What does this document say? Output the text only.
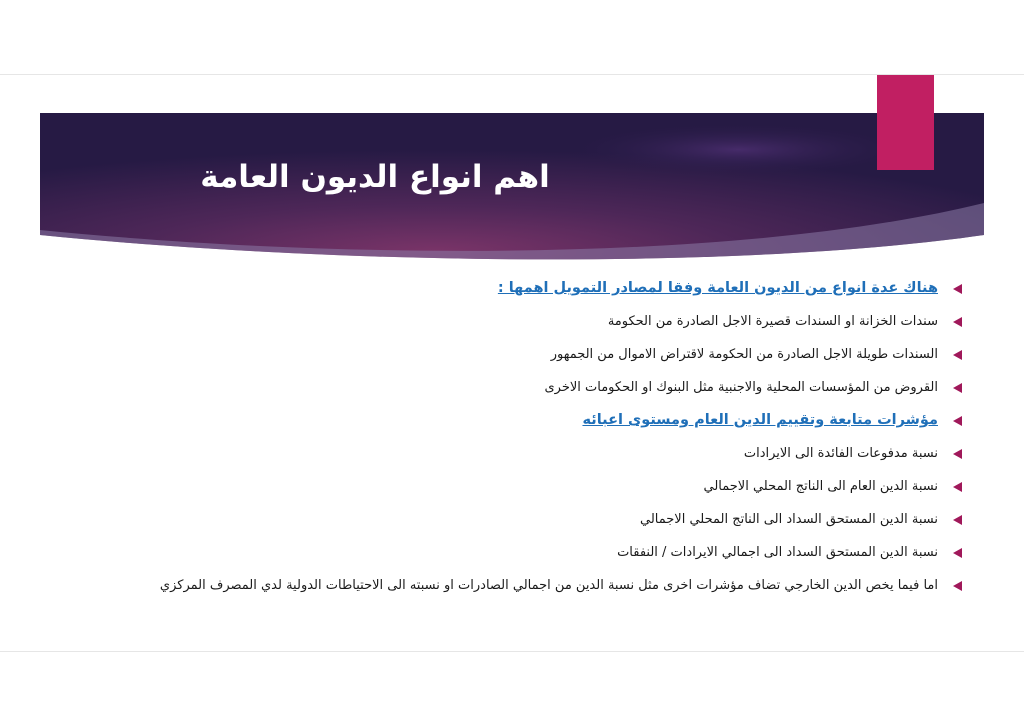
اهم انواع الديون العامة
هناك عدة انواع من الديون العامة وفقا لمصادر التمويل اهمها :
سندات الخزانة او السندات قصيرة الاجل الصادرة من الحكومة
السندات طويلة الاجل الصادرة من الحكومة لاقتراض الاموال من الجمهور
القروض من المؤسسات المحلية والاجنبية مثل البنوك او الحكومات الاخرى
مؤشرات متابعة وتقييم الدين العام ومستوى اعبائه
نسبة مدفوعات الفائدة الى الايرادات
نسبة الدين العام الى الناتج المحلي الاجمالي
نسبة الدين المستحق السداد الى الناتج المحلي الاجمالي
نسبة الدين المستحق السداد الى اجمالي الايرادات / النفقات
اما فيما يخص الدين الخارجي تضاف مؤشرات اخرى مثل نسبة الدين من اجمالي الصادرات او نسبته الى الاحتياطات الدولية لدي المصرف المركزي
